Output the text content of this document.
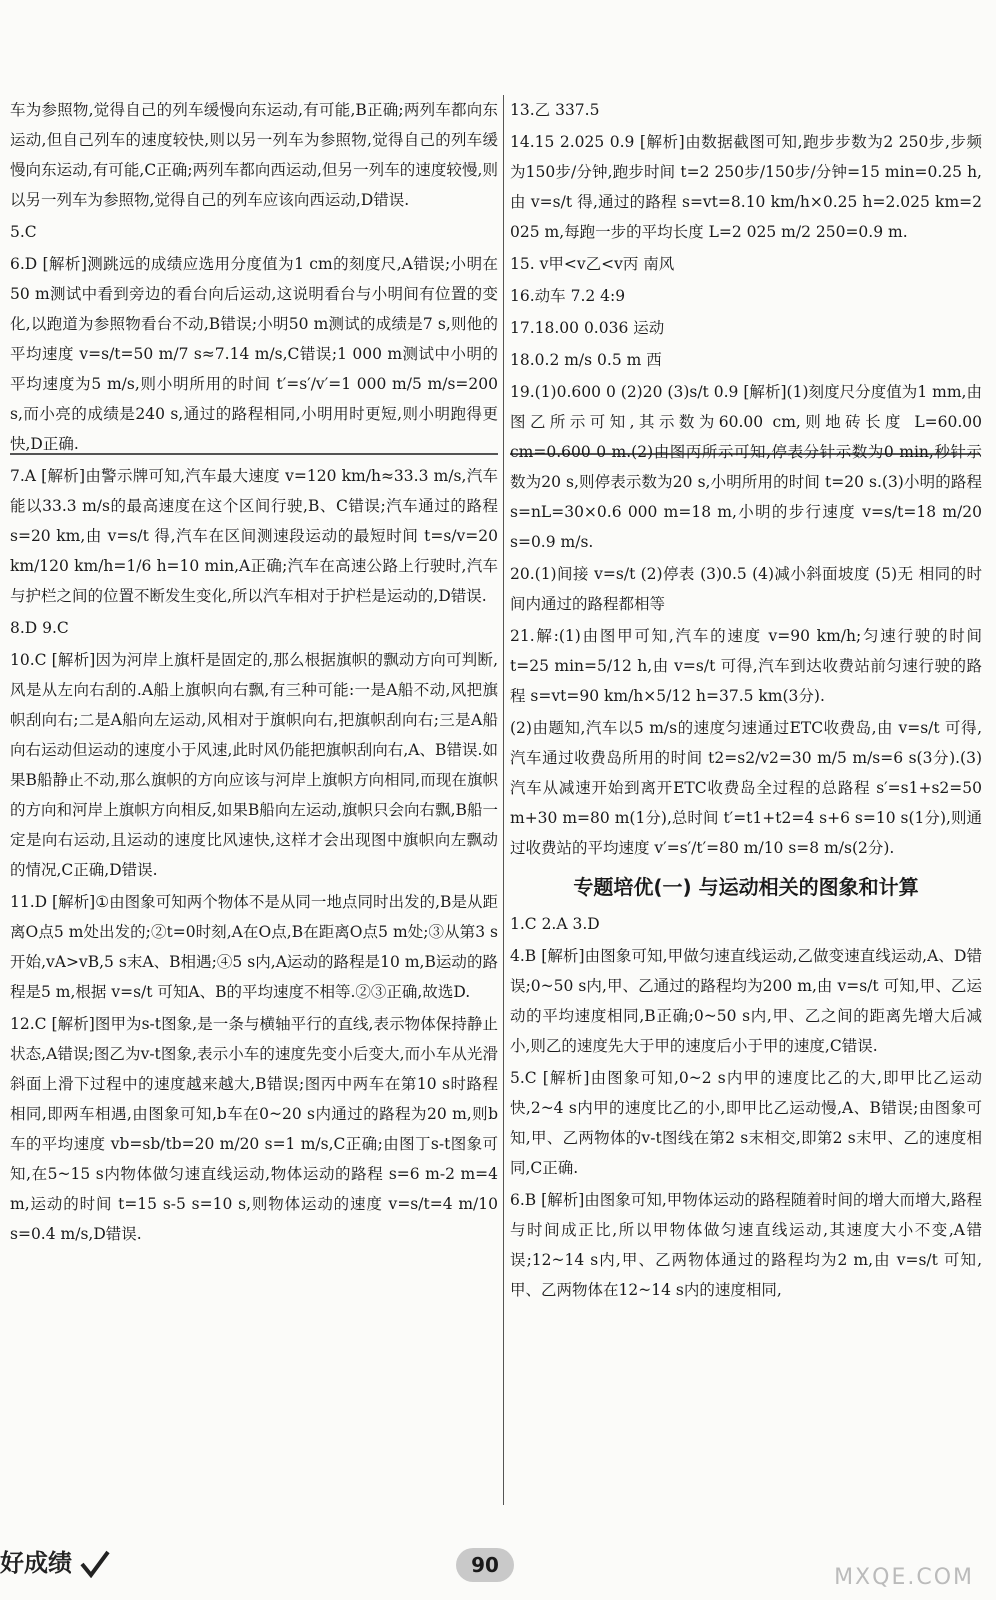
车为参照物,觉得自己的列车缓慢向东运动,有可能,B正确;两列车都向东运动,但自己列车的速度较快,则以另一列车为参照物,觉得自己的列车缓慢向东运动,有可能,C正确;两列车都向西运动,但另一列车的速度较慢,则以另一列车为参照物,觉得自己的列车应该向西运动,D错误.

5.C

6.D [解析]测跳远的成绩应选用分度值为1 cm的刻度尺,A错误;小明在50 m测试中看到旁边的看台向后运动,这说明看台与小明间有位置的变化,以跑道为参照物看台不动,B错误;小明50 m测试的成绩是7 s,则他的平均速度 v=s/t=50 m/7 s≈7.14 m/s,C错误;1 000 m测试中小明的平均速度为5 m/s,则小明所用的时间 t′=s′/v′=1 000 m/5 m/s=200 s,而小亮的成绩是240 s,通过的路程相同,小明用时更短,则小明跑得更快,D正确.

7.A [解析]由警示牌可知,汽车最大速度 v=120 km/h≈33.3 m/s,汽车能以33.3 m/s的最高速度在这个区间行驶,B、C错误;汽车通过的路程 s=20 km,由 v=s/t 得,汽车在区间测速段运动的最短时间 t=s/v=20 km/120 km/h=1/6 h=10 min,A正确;汽车在高速公路上行驶时,汽车与护栏之间的位置不断发生变化,所以汽车相对于护栏是运动的,D错误.

8.D 9.C

10.C [解析]因为河岸上旗杆是固定的,那么根据旗帜的飘动方向可判断,风是从左向右刮的.A船上旗帜向右飘,有三种可能:一是A船不动,风把旗帜刮向右;二是A船向左运动,风相对于旗帜向右,把旗帜刮向右;三是A船向右运动但运动的速度小于风速,此时风仍能把旗帜刮向右,A、B错误.如果B船静止不动,那么旗帜的方向应该与河岸上旗帜方向相同,而现在旗帜的方向和河岸上旗帜方向相反,如果B船向左运动,旗帜只会向右飘,B船一定是向右运动,且运动的速度比风速快,这样才会出现图中旗帜向左飘动的情况,C正确,D错误.

11.D [解析]①由图象可知两个物体不是从同一地点同时出发的,B是从距离O点5 m处出发的;②t=0时刻,A在O点,B在距离O点5 m处;③从第3 s开始,vA>vB,5 s末A、B相遇;④5 s内,A运动的路程是10 m,B运动的路程是5 m,根据 v=s/t 可知A、B的平均速度不相等.②③正确,故选D.

12.C [解析]图甲为s-t图象,是一条与横轴平行的直线,表示物体保持静止状态,A错误;图乙为v-t图象,表示小车的速度先变小后变大,而小车从光滑斜面上滑下过程中的速度越来越大,B错误;图丙中两车在第10 s时路程相同,即两车相遇,由图象可知,b车在0~20 s内通过的路程为20 m,则b车的平均速度 vb=sb/tb=20 m/20 s=1 m/s,C正确;由图丁s-t图象可知,在5~15 s内物体做匀速直线运动,物体运动的路程 s=6 m-2 m=4 m,运动的时间 t=15 s-5 s=10 s,则物体运动的速度 v=s/t=4 m/10 s=0.4 m/s,D错误.

13.乙 337.5

14.15 2.025 0.9 [解析]由数据截图可知,跑步步数为2 250步,步频为150步/分钟,跑步时间 t=2 250步/150步/分钟=15 min=0.25 h,由 v=s/t 得,通过的路程 s=vt=8.10 km/h×0.25 h=2.025 km=2 025 m,每跑一步的平均长度 L=2 025 m/2 250=0.9 m.

15. v甲<v乙<v丙 南风

16.动车 7.2 4:9

17.18.00 0.036 运动

18.0.2 m/s 0.5 m 西

19.(1)0.600 0 (2)20 (3)s/t 0.9 [解析](1)刻度尺分度值为1 mm,由图乙所示可知,其示数为60.00 cm,则地砖长度 L=60.00 cm=0.600 0 m.(2)由图丙所示可知,停表分针示数为0 min,秒针示数为20 s,则停表示数为20 s,小明所用的时间 t=20 s.(3)小明的路程 s=nL=30×0.6 000 m=18 m,小明的步行速度 v=s/t=18 m/20 s=0.9 m/s.

20.(1)间接 v=s/t (2)停表 (3)0.5 (4)减小斜面坡度 (5)无 相同的时间内通过的路程都相等

21.解:(1)由图甲可知,汽车的速度 v=90 km/h;匀速行驶的时间 t=25 min=5/12 h,由 v=s/t 可得,汽车到达收费站前匀速行驶的路程 s=vt=90 km/h×5/12 h=37.5 km(3分).

(2)由题知,汽车以5 m/s的速度匀速通过ETC收费岛,由 v=s/t 可得,汽车通过收费岛所用的时间 t2=s2/v2=30 m/5 m/s=6 s(3分).(3)汽车从减速开始到离开ETC收费岛全过程的总路程 s′=s1+s2=50 m+30 m=80 m(1分),总时间 t′=t1+t2=4 s+6 s=10 s(1分),则通过收费站的平均速度 v′=s′/t′=80 m/10 s=8 m/s(2分).

专题培优(一) 与运动相关的图象和计算

1.C 2.A 3.D

4.B [解析]由图象可知,甲做匀速直线运动,乙做变速直线运动,A、D错误;0~50 s内,甲、乙通过的路程均为200 m,由 v=s/t 可知,甲、乙运动的平均速度相同,B正确;0~50 s内,甲、乙之间的距离先增大后减小,则乙的速度先大于甲的速度后小于甲的速度,C错误.

5.C [解析]由图象可知,0~2 s内甲的速度比乙的大,即甲比乙运动快,2~4 s内甲的速度比乙的小,即甲比乙运动慢,A、B错误;由图象可知,甲、乙两物体的v-t图线在第2 s末相交,即第2 s末甲、乙的速度相同,C正确.

6.B [解析]由图象可知,甲物体运动的路程随着时间的增大而增大,路程与时间成正比,所以甲物体做匀速直线运动,其速度大小不变,A错误;12~14 s内,甲、乙两物体通过的路程均为2 m,由 v=s/t 可知,甲、乙两物体在12~14 s内的速度相同,

好成绩	90	MXQE.COM
